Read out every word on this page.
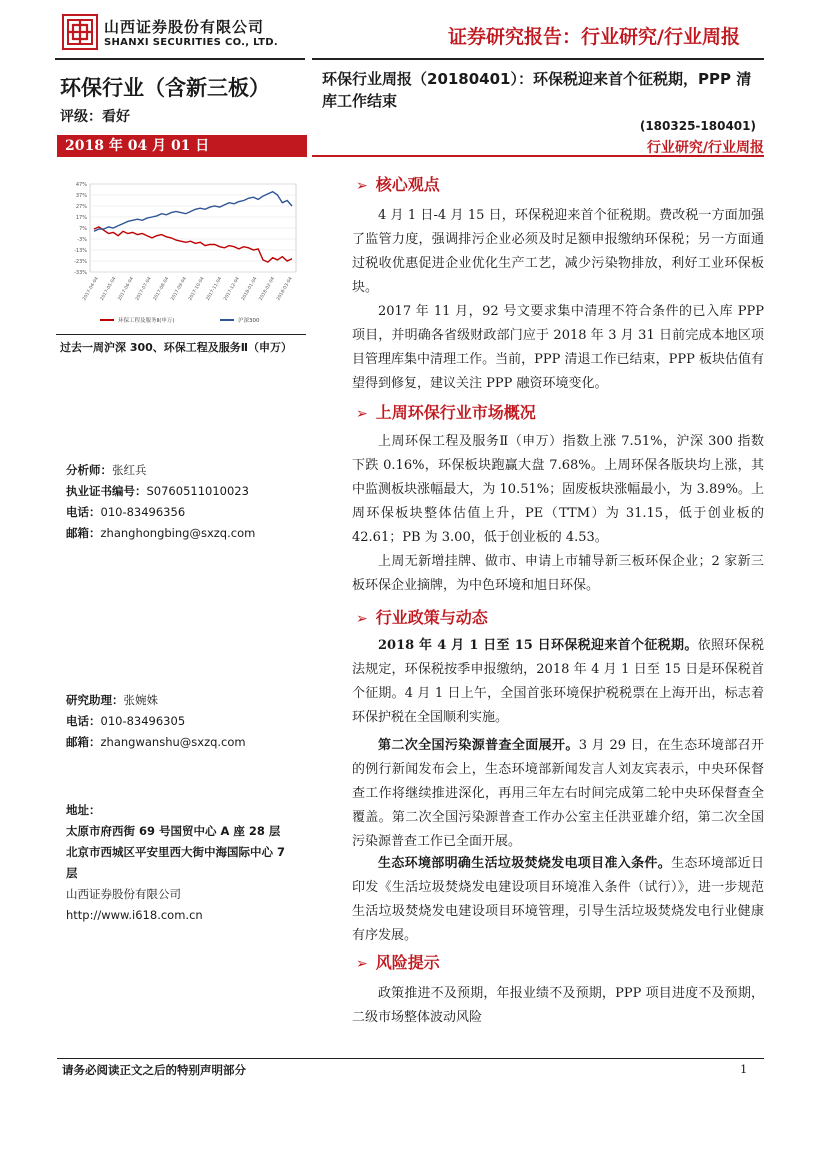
山西证券股份有限公司
SHANXI SECURITIES CO., LTD.	证券研究报告：行业研究/行业周报
环保行业（含新三板）
评级：看好
环保行业周报（20180401）：环保税迎来首个征税期，PPP 清库工作结束
(180325-180401)
2018 年 04 月 01 日	行业研究/行业周报
47%
37%
27%
17%
7%
-3%
-13%
-23%
-33%
2017-04-04 2017-05-04 2017-06-04 2017-07-04 2017-08-04 2017-09-04 2017-10-04 2017-11-04 2017-12-04 2018-01-04 2018-02-04 2018-03-04
环保工程及服务Ⅱ(申万)	沪深300
过去一周沪深 300、环保工程及服务Ⅱ（申万）
分析师：张红兵
执业证书编号：S0760511010023
电话：010-83496356
邮箱：zhanghongbing@sxzq.com
研究助理：张婉姝
电话：010-83496305
邮箱：zhangwanshu@sxzq.com
地址：
太原市府西街 69 号国贸中心 A 座 28 层
北京市西城区平安里西大街中海国际中心 7 层
山西证券股份有限公司
http://www.i618.com.cn
➢ 核心观点
4 月 1 日-4 月 15 日，环保税迎来首个征税期。费改税一方面加强了监管力度，强调排污企业必须及时足额申报缴纳环保税；另一方面通过税收优惠促进企业优化生产工艺，减少污染物排放，利好工业环保板块。
2017 年 11 月，92 号文要求集中清理不符合条件的已入库 PPP 项目，并明确各省级财政部门应于 2018 年 3 月 31 日前完成本地区项目管理库集中清理工作。当前，PPP 清退工作已结束，PPP 板块估值有望得到修复，建议关注 PPP 融资环境变化。
➢ 上周环保行业市场概况
上周环保工程及服务Ⅱ（申万）指数上涨 7.51%，沪深 300 指数下跌 0.16%，环保板块跑赢大盘 7.68%。上周环保各版块均上涨，其中监测板块涨幅最大，为 10.51%；固废板块涨幅最小，为 3.89%。上周环保板块整体估值上升，PE（TTM）为 31.15，低于创业板的 42.61；PB 为 3.00，低于创业板的 4.53。
上周无新增挂牌、做市、申请上市辅导新三板环保企业；2 家新三板环保企业摘牌，为中色环境和旭日环保。
➢ 行业政策与动态
2018 年 4 月 1 日至 15 日环保税迎来首个征税期。依照环保税法规定，环保税按季申报缴纳，2018 年 4 月 1 日至 15 日是环保税首个征期。4 月 1 日上午，全国首张环境保护税税票在上海开出，标志着环保护税在全国顺利实施。
第二次全国污染源普查全面展开。3 月 29 日，在生态环境部召开的例行新闻发布会上，生态环境部新闻发言人刘友宾表示，中央环保督查工作将继续推进深化，再用三年左右时间完成第二轮中央环保督查全覆盖。第二次全国污染源普查工作办公室主任洪亚雄介绍，第二次全国污染源普查工作已全面开展。
生态环境部明确生活垃圾焚烧发电项目准入条件。生态环境部近日印发《生活垃圾焚烧发电建设项目环境准入条件（试行）》，进一步规范生活垃圾焚烧发电建设项目环境管理，引导生活垃圾焚烧发电行业健康有序发展。
➢ 风险提示
政策推进不及预期，年报业绩不及预期，PPP 项目进度不及预期，二级市场整体波动风险
请务必阅读正文之后的特别声明部分	1
